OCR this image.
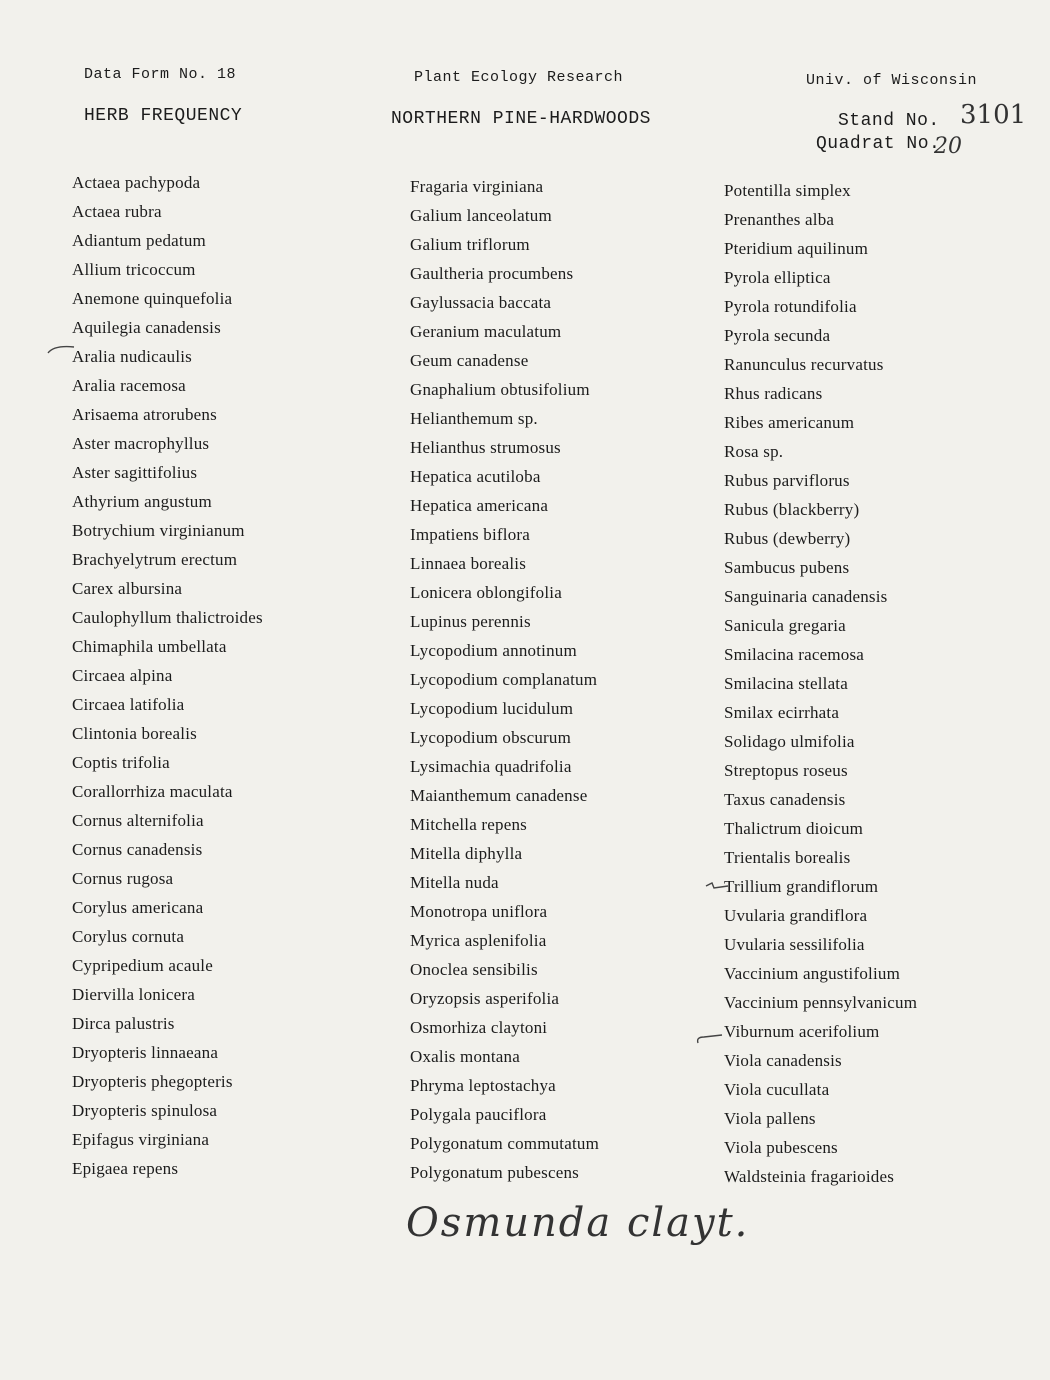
Data Form No. 18
HERB FREQUENCY
Plant Ecology Research
NORTHERN PINE-HARDWOODS
Univ. of Wisconsin
Stand No. 3101
Quadrat No.
20
Actaea pachypoda
Actaea rubra
Adiantum pedatum
Allium tricoccum
Anemone quinquefolia
Aquilegia canadensis
Aralia nudicaulis
Aralia racemosa
Arisaema atrorubens
Aster macrophyllus
Aster sagittifolius
Athyrium angustum
Botrychium virginianum
Brachyelytrum erectum
Carex albursina
Caulophyllum thalictroides
Chimaphila umbellata
Circaea alpina
Circaea latifolia
Clintonia borealis
Coptis trifolia
Corallorrhiza maculata
Cornus alternifolia
Cornus canadensis
Cornus rugosa
Corylus americana
Corylus cornuta
Cypripedium acaule
Diervilla lonicera
Dirca palustris
Dryopteris linnaeana
Dryopteris phegopteris
Dryopteris spinulosa
Epifagus virginiana
Epigaea repens
Fragaria virginiana
Galium lanceolatum
Galium triflorum
Gaultheria procumbens
Gaylussacia baccata
Geranium maculatum
Geum canadense
Gnaphalium obtusifolium
Helianthemum sp.
Helianthus strumosus
Hepatica acutiloba
Hepatica americana
Impatiens biflora
Linnaea borealis
Lonicera oblongifolia
Lupinus perennis
Lycopodium annotinum
Lycopodium complanatum
Lycopodium lucidulum
Lycopodium obscurum
Lysimachia quadrifolia
Maianthemum canadense
Mitchella repens
Mitella diphylla
Mitella nuda
Monotropa uniflora
Myrica asplenifolia
Onoclea sensibilis
Oryzopsis asperifolia
Osmorhiza claytoni
Oxalis montana
Phryma leptostachya
Polygala pauciflora
Polygonatum commutatum
Polygonatum pubescens
Potentilla simplex
Prenanthes alba
Pteridium aquilinum
Pyrola elliptica
Pyrola rotundifolia
Pyrola secunda
Ranunculus recurvatus
Rhus radicans
Ribes americanum
Rosa sp.
Rubus parviflorus
Rubus (blackberry)
Rubus (dewberry)
Sambucus pubens
Sanguinaria canadensis
Sanicula gregaria
Smilacina racemosa
Smilacina stellata
Smilax ecirrhata
Solidago ulmifolia
Streptopus roseus
Taxus canadensis
Thalictrum dioicum
Trientalis borealis
Trillium grandiflorum
Uvularia grandiflora
Uvularia sessilifolia
Vaccinium angustifolium
Vaccinium pennsylvanicum
Viburnum acerifolium
Viola canadensis
Viola cucullata
Viola pallens
Viola pubescens
Waldsteinia fragarioides
Osmunda clayt.
